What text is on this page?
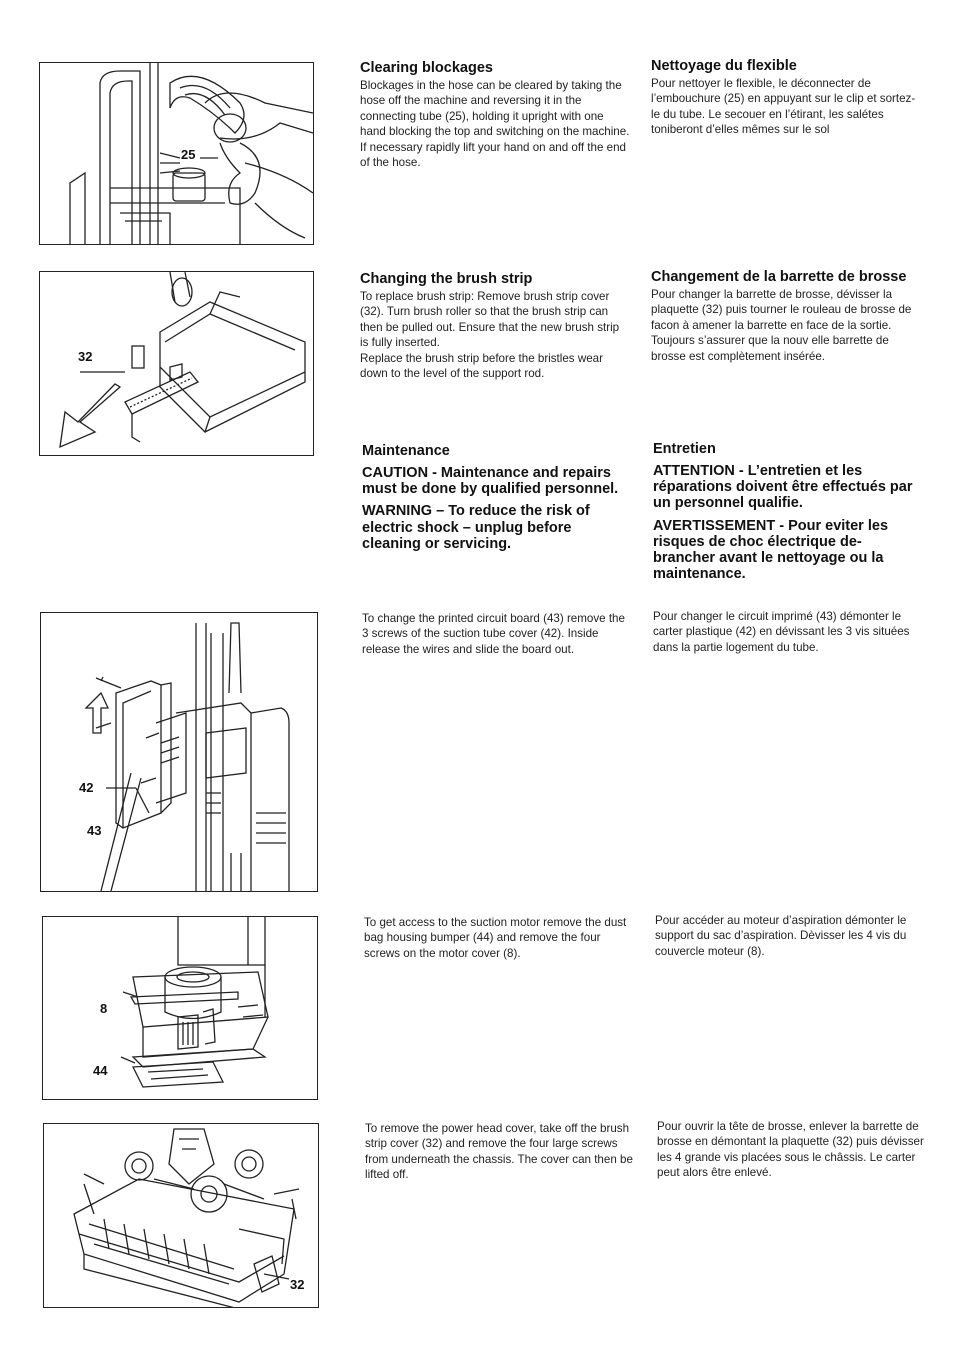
25
Clearing blockages

Blockages in the hose can be cleared by taking the hose off the machine and reversing it in the connecting tube (25), holding it upright with one hand blocking the top and switching on the machine. If necessary rapidly lift your hand on and off the end of the hose.

Nettoyage du flexible

Pour nettoyer le flexible, le déconnecter de l’embouchure (25) en appuyant sur le clip et sortez-le du tube. Le secouer en l’étirant, les salétes toniberont d’elles mêmes sur le sol

32
Changing the brush strip

To replace brush strip: Remove brush strip cover (32). Turn brush roller so that the brush strip can then be pulled out. Ensure that the new brush strip is fully inserted.

Replace the brush strip before the bristles wear down to the level of the support rod.

Changement de la barrette de brosse

Pour changer la barrette de brosse, dévisser la plaquette (32) puis tourner le rouleau de brosse de facon à amener la barrette en face de la sortie. Toujours s’assurer que la nouv elle barrette de brosse est complètement insérée.

Maintenance
CAUTION - Maintenance and repairs must be done by qualified personnel.
WARNING – To reduce the risk of electric shock – unplug before cleaning or servicing.
Entretien
ATTENTION - L’entretien et les réparations doivent être effectués par un personnel qualifie.
AVERTISSEMENT - Pour eviter les risques de choc électrique de-brancher avant le nettoyage ou la maintenance.
42
43

To change the printed circuit board (43) remove the 3 screws of the suction tube cover (42). Inside release the wires and slide the board out.

Pour changer le circuit imprimé (43) démonter le carter plastique (42) en dévissant les 3 vis situées dans la partie logement du tube.

8
44

To get access to the suction motor remove the dust bag housing bumper (44) and remove the four screws on the motor cover (8).

Pour accéder au moteur d’aspiration démonter le support du sac d’aspiration. Dèvisser les 4 vis du couvercle moteur (8).

32

To remove the power head cover, take off the brush strip cover (32) and remove the four large screws from underneath the chassis. The cover can then be lifted off.

Pour ouvrir la tête de brosse, enlever la barrette de brosse en démontant la plaquette (32) puis dévisser les 4 grande vis placées sous le châssis. Le carter peut alors être enlevé.
